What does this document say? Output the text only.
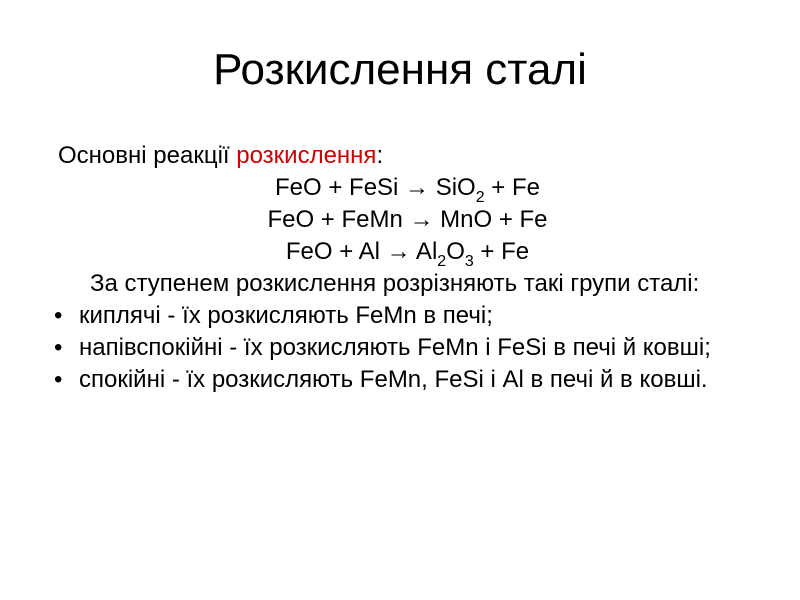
Розкислення сталі
Основні реакції розкислення:
FeO + FeSi → SiO$_2$ + Fe
FeO + FeMn → MnO + Fe
FeO + $Al \to Al_2O_3 + Fe$
За ступенем розкислення розрізняють такі групи сталі:
• киплячі - їх розкисляють FeMn в печі;
• напівспокійні - їх розкисляють FeMn і FeSi в печі й ковші;
• спокійні - їх розкисляють FeMn, FeSi і Al в печі й в ковші.
